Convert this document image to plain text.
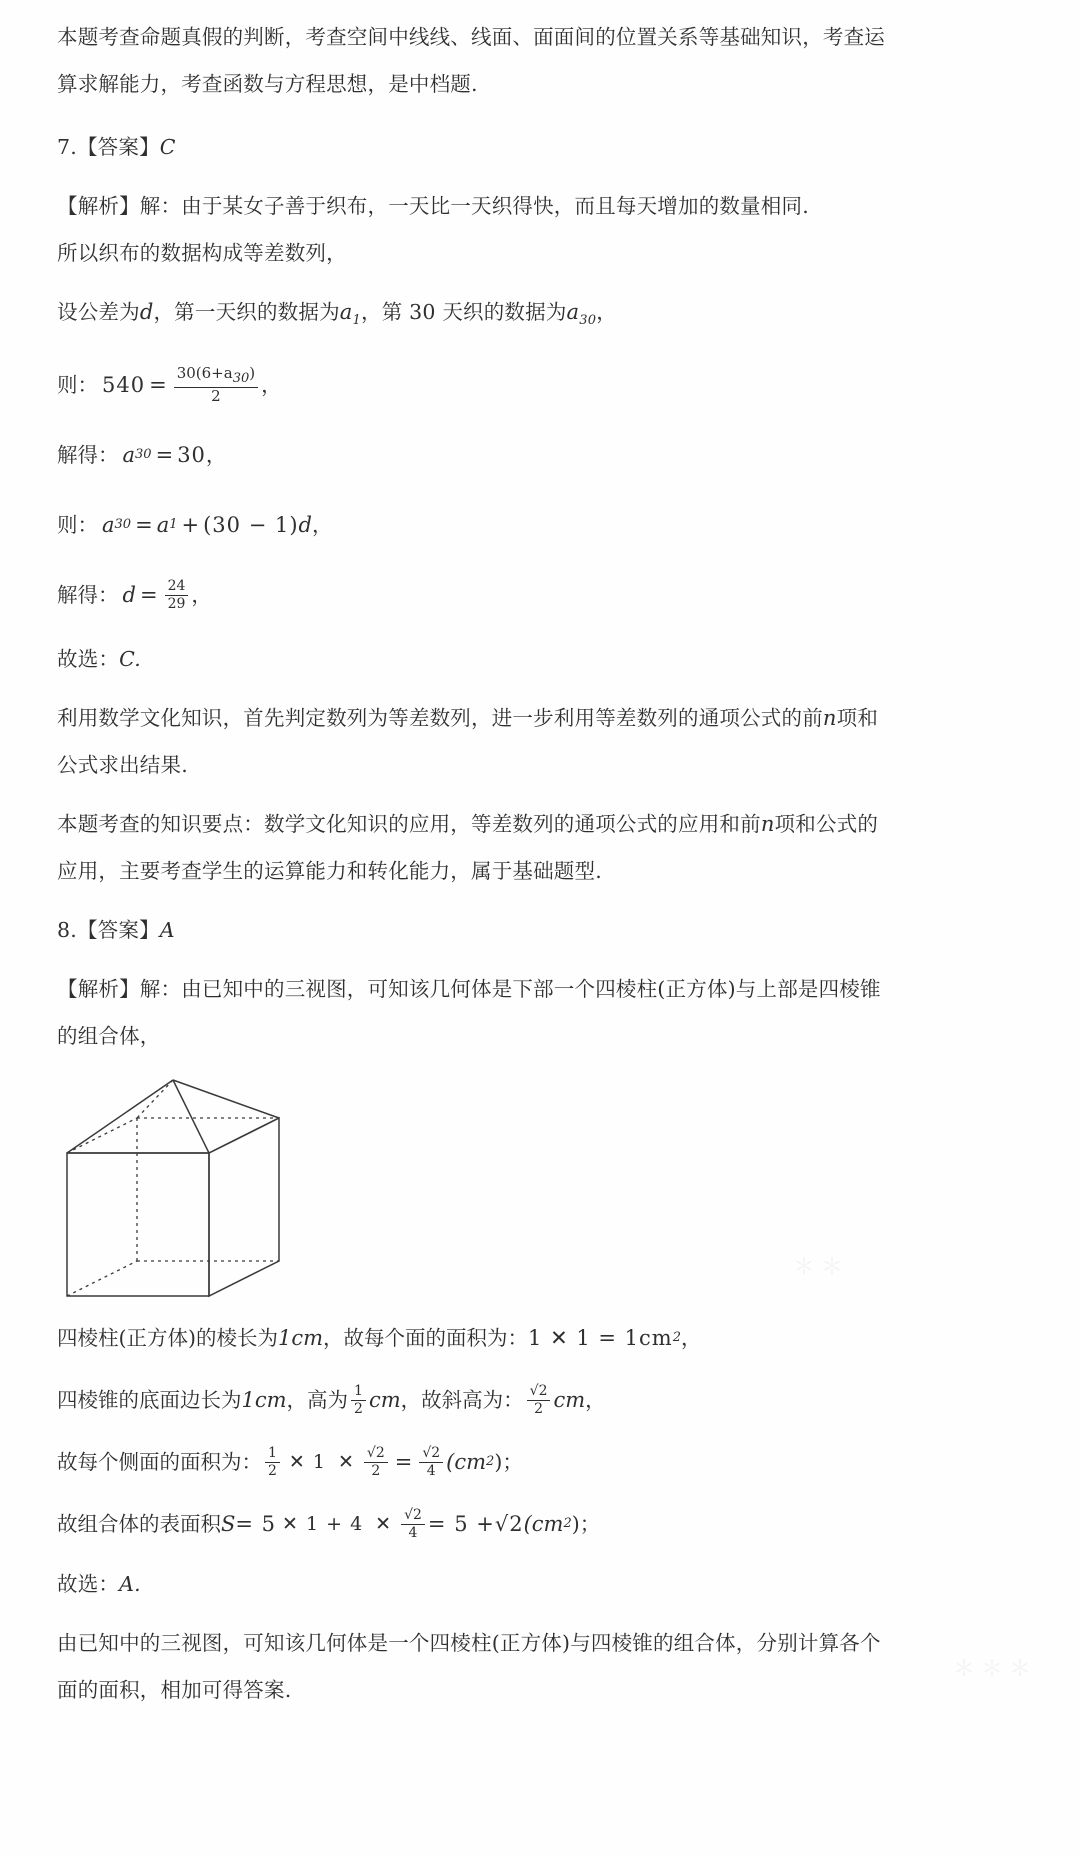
＊＊＊
＊＊
本题考查命题真假的判断，考查空间中线线、线面、面面间的位置关系等基础知识，考查运
算求解能力，考查函数与方程思想，是中档题.
7.【答案】C
【解析】解：由于某女子善于织布，一天比一天织得快，而且每天增加的数量相同.
所以织布的数据构成等差数列，
设公差为d，第一天织的数据为$a_1$，第 30 天织的数据为$a_{30}$，
则： $540 = \frac{30(6+a30)}{2}$ ，
解得： a 30 = 30 ，
则： a 30 = a 1 + (30 − 1) d ，
解得： $d = \frac{24}{29}$ ，
故选：C.
利用数学文化知识，首先判定数列为等差数列，进一步利用等差数列的通项公式的前n项和
公式求出结果.
本题考查的知识要点：数学文化知识的应用，等差数列的通项公式的应用和前n项和公式的
应用，主要考查学生的运算能力和转化能力，属于基础题型.
8.【答案】A
【解析】解：由已知中的三视图，可知该几何体是下部一个四棱柱(正方体)与上部是四棱锥
的组合体，
四棱柱(正方体)的棱长为 1cm ，故每个面的面积为： 1 ✕ 1 = 1cm 2 ，
四棱锥的底面边长为 1cm ，高为 $\frac{1}{2}$ cm ，故斜高为： $\frac{√2}{2}$ cm ，
故每个侧面的面积为： $\frac{1}{2}$ ✕ 1 ✕ $\frac{√2}{2} = \frac{√2}{4} (cm$ 2 )；
故组合体的表面积 S = 5 ✕ 1 + 4 ✕ $\frac{√2}{4} = 5 + √2$ (cm 2 )；
故选：A.
由已知中的三视图，可知该几何体是一个四棱柱(正方体)与四棱锥的组合体，分别计算各个
面的面积，相加可得答案.
